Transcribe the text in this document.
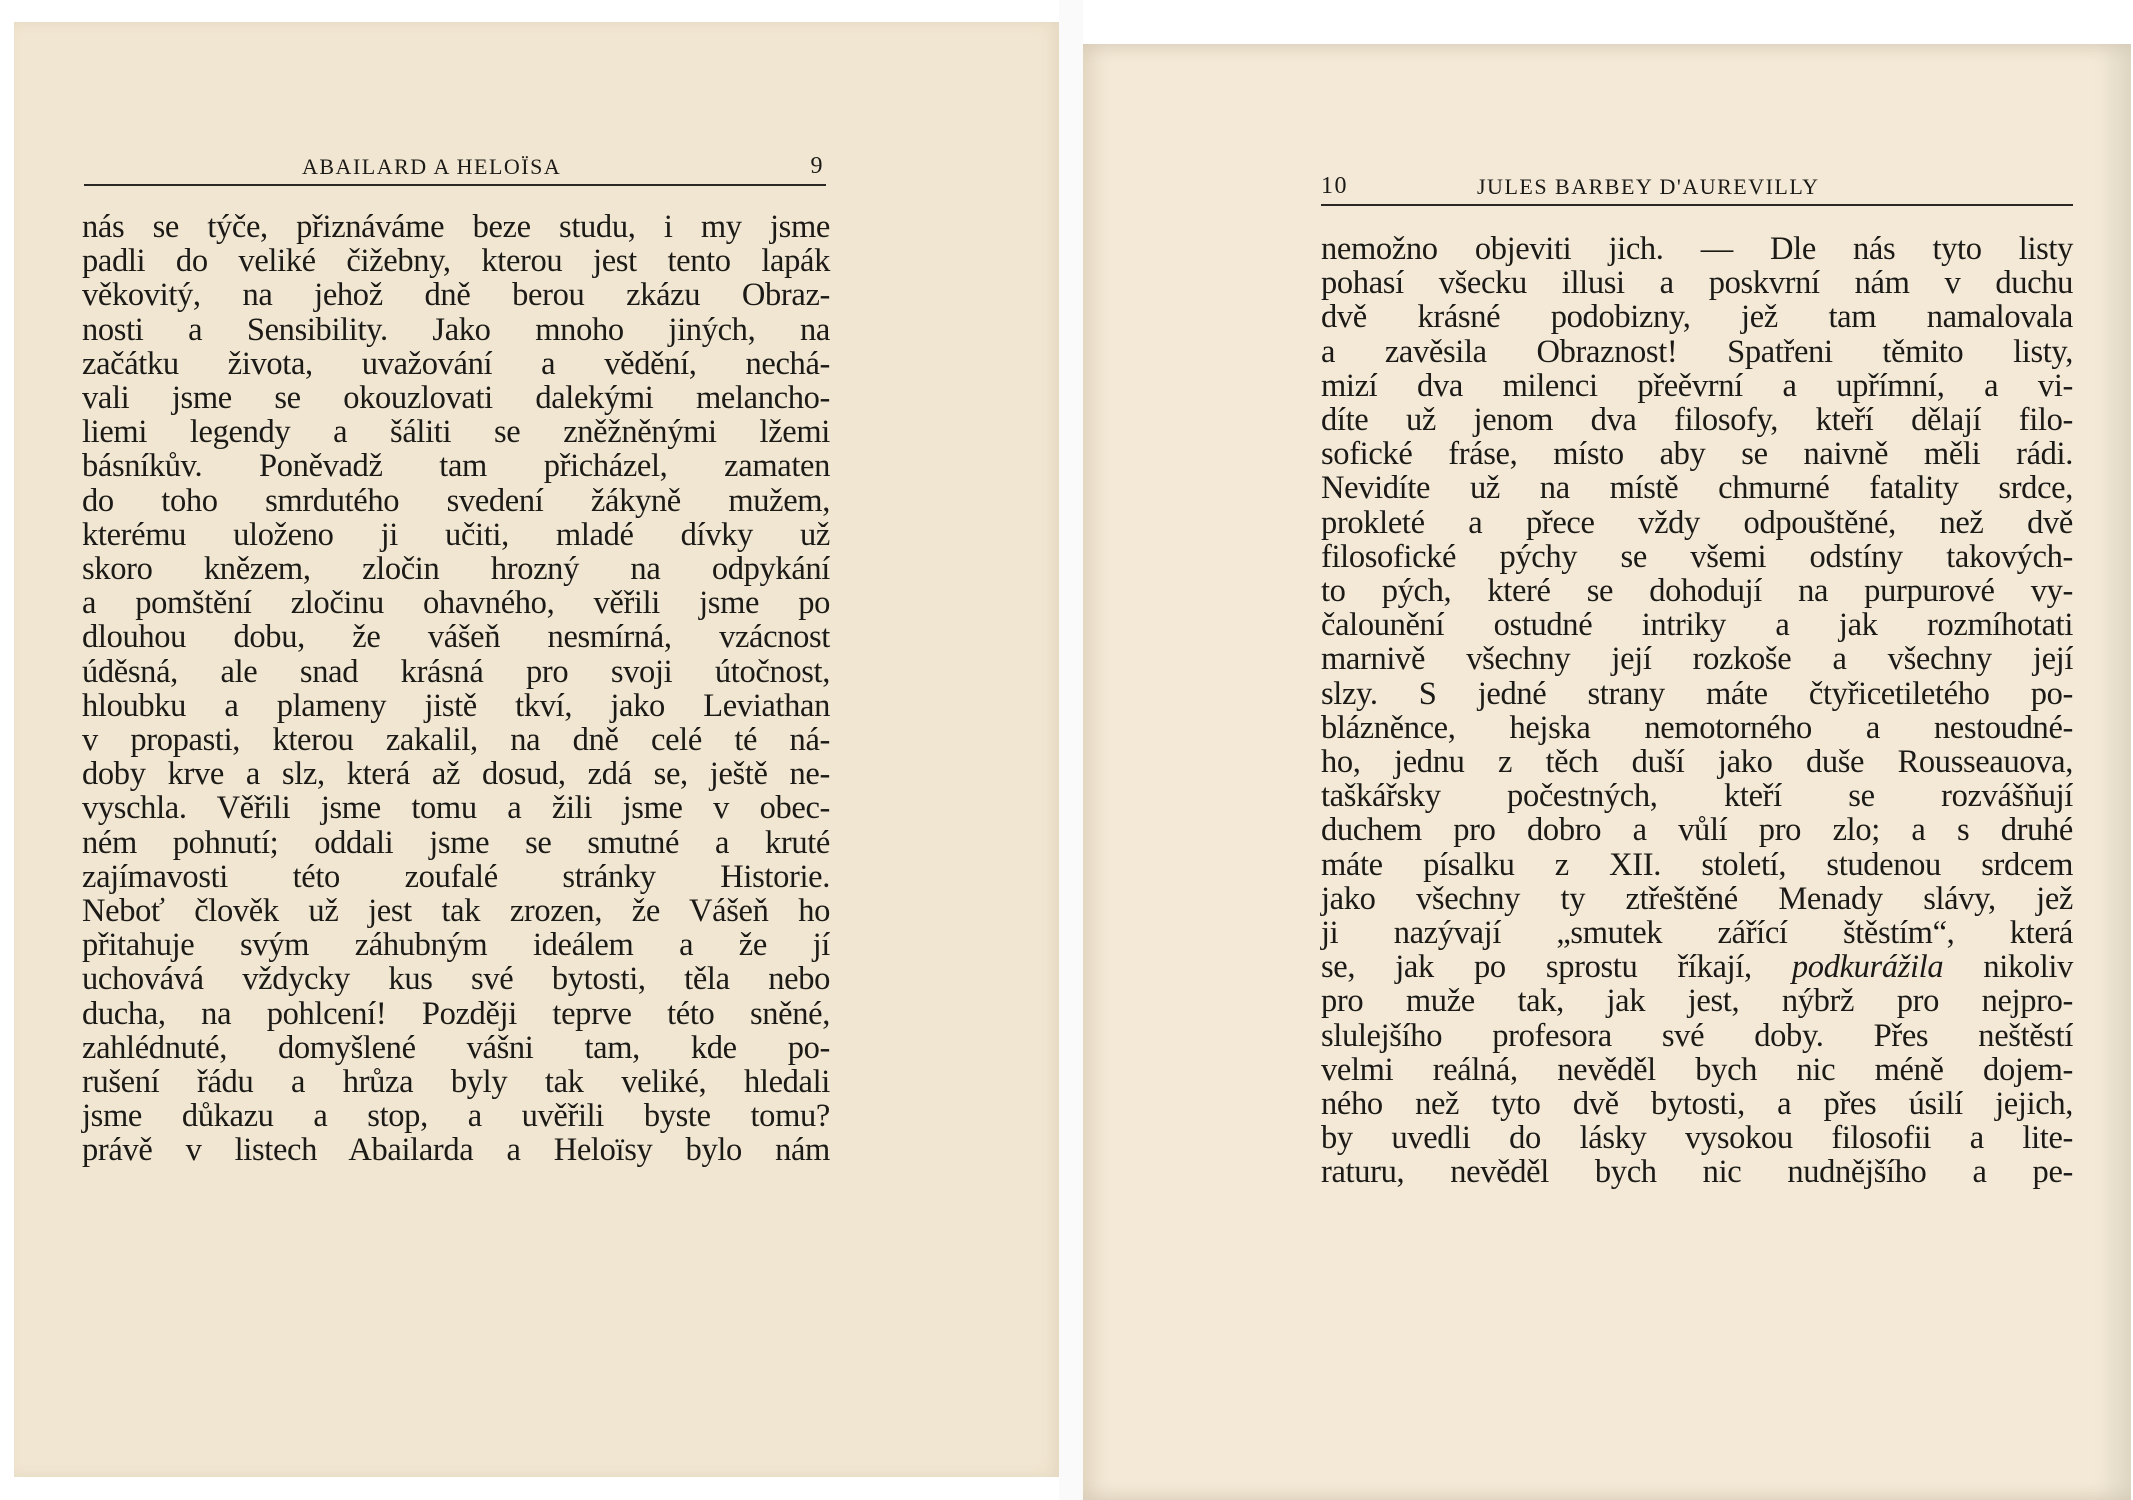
ABAILARD A HELOÏSA	9
nás se týče, přiznáváme beze studu, i my jsme
padli do veliké čižebny, kterou jest tento lapák
věkovitý, na jehož dně berou zkázu Obraz-
nosti a Sensibility. Jako mnoho jiných, na
začátku života, uvažování a vědění, nechá-
vali jsme se okouzlovati dalekými melancho-
liemi legendy a šáliti se zněžněnými lžemi
básníkův. Poněvadž tam přicházel, zamaten
do toho smrdutého svedení žákyně mužem,
kterému uloženo ji učiti, mladé dívky už
skoro knězem, zločin hrozný na odpykání
a pomštění zločinu ohavného, věřili jsme po
dlouhou dobu, že vášeň nesmírná, vzácnost
úděsná, ale snad krásná pro svoji útočnost,
hloubku a plameny jistě tkví, jako Leviathan
v propasti, kterou zakalil, na dně celé té ná-
doby krve a slz, která až dosud, zdá se, ještě ne-
vyschla. Věřili jsme tomu a žili jsme v obec-
ném pohnutí; oddali jsme se smutné a kruté
zajímavosti této zoufalé stránky Historie.
Neboť člověk už jest tak zrozen, že Vášeň ho
přitahuje svým záhubným ideálem a že jí
uchovává vždycky kus své bytosti, těla nebo
ducha, na pohlcení! Později teprve této sněné,
zahlédnuté, domyšlené vášni tam, kde po-
rušení řádu a hrůza byly tak veliké, hledali
jsme důkazu a stop, a uvěřili byste tomu?
právě v listech Abailarda a Heloïsy bylo nám
10	JULES BARBEY D'AUREVILLY
nemožno objeviti jich. — Dle nás tyto listy
pohasí všecku illusi a poskvrní nám v duchu
dvě krásné podobizny, jež tam namalovala
a zavěsila Obraznost! Spatřeni těmito listy,
mizí dva milenci přeěvrní a upřímní, a vi-
díte už jenom dva filosofy, kteří dělají filo-
sofické fráse, místo aby se naivně měli rádi.
Nevidíte už na místě chmurné fatality srdce,
prokleté a přece vždy odpouštěné, než dvě
filosofické pýchy se všemi odstíny takových-
to pých, které se dohodují na purpurové vy-
čalounění ostudné intriky a jak rozmíhotati
marnivě všechny její rozkoše a všechny její
slzy. S jedné strany máte čtyřicetiletého po-
blázněnce, hejska nemotorného a nestoudné-
ho, jednu z těch duší jako duše Rousseauova,
taškářsky počestných, kteří se rozvášňují
duchem pro dobro a vůlí pro zlo; a s druhé
máte písalku z XII. století, studenou srdcem
jako všechny ty ztřeštěné Menady slávy, jež
ji nazývají „smutek zářící štěstím“, která
se, jak po sprostu říkají, podkurážila nikoliv
pro muže tak, jak jest, nýbrž pro nejpro-
slulejšího profesora své doby. Přes neštěstí
velmi reálná, nevěděl bych nic méně dojem-
ného než tyto dvě bytosti, a přes úsilí jejich,
by uvedli do lásky vysokou filosofii a lite-
raturu, nevěděl bych nic nudnějšího a pe-
